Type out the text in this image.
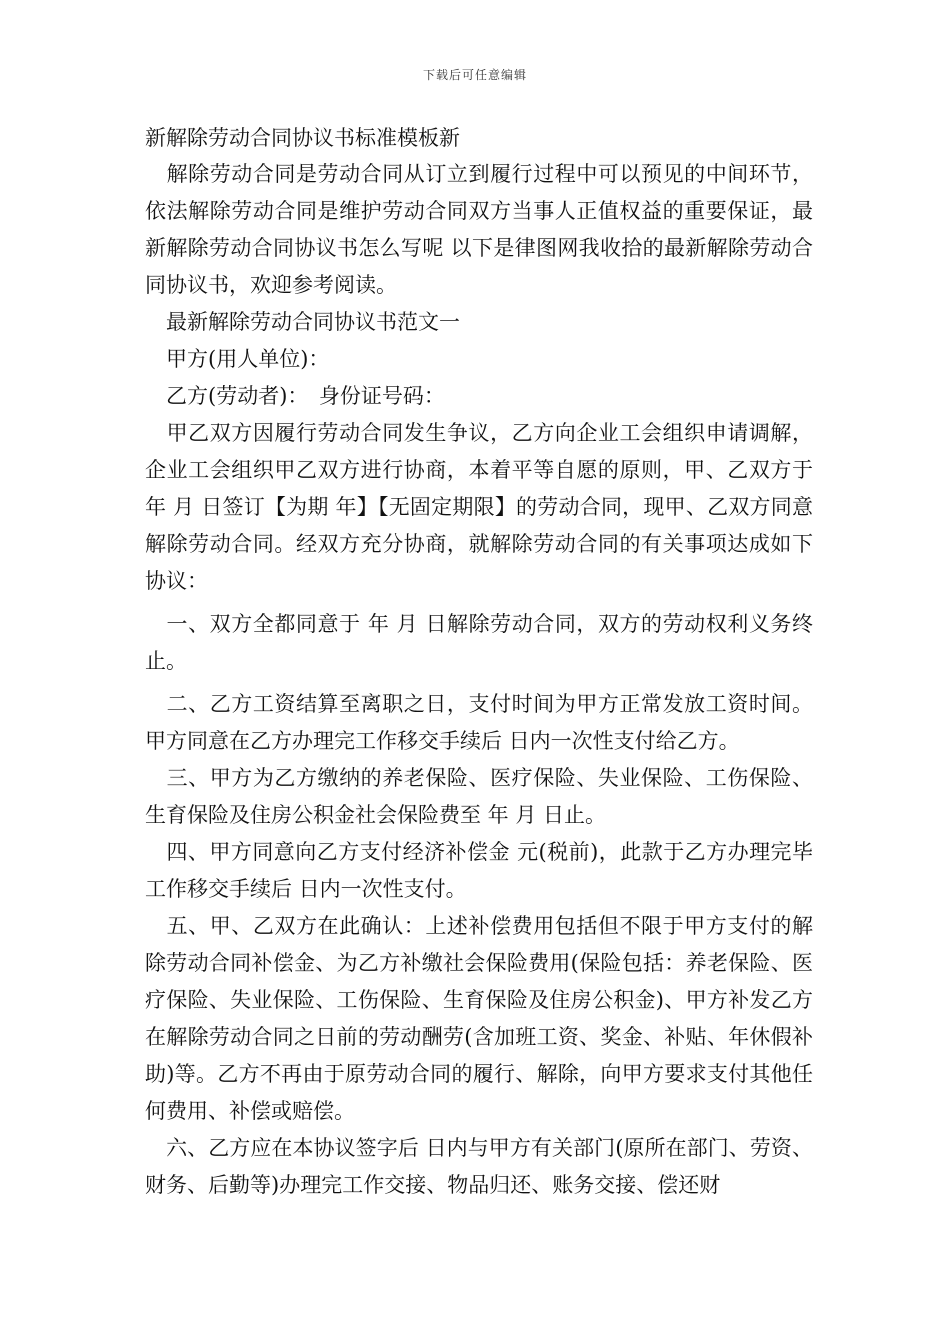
下载后可任意编辑

新解除劳动合同协议书标准模板新

　解除劳动合同是劳动合同从订立到履行过程中可以预见的中间环节，依法解除劳动合同是维护劳动合同双方当事人正值权益的重要保证，最新解除劳动合同协议书怎么写呢 以下是律图网我收拾的最新解除劳动合同协议书，欢迎参考阅读。

　最新解除劳动合同协议书范文一

　甲方(用人单位)：

　乙方(劳动者)：　身份证号码：

　甲乙双方因履行劳动合同发生争议，乙方向企业工会组织申请调解，企业工会组织甲乙双方进行协商，本着平等自愿的原则，甲、乙双方于 年 月 日签订【为期 年】【无固定期限】的劳动合同，现甲、乙双方同意解除劳动合同。经双方充分协商，就解除劳动合同的有关事项达成如下协议：

　一、双方全都同意于 年 月 日解除劳动合同，双方的劳动权利义务终止。

　二、乙方工资结算至离职之日，支付时间为甲方正常发放工资时间。甲方同意在乙方办理完工作移交手续后 日内一次性支付给乙方。

　三、甲方为乙方缴纳的养老保险、医疗保险、失业保险、工伤保险、生育保险及住房公积金社会保险费至 年 月 日止。

　四、甲方同意向乙方支付经济补偿金 元(税前)，此款于乙方办理完毕工作移交手续后 日内一次性支付。

　五、甲、乙双方在此确认：上述补偿费用包括但不限于甲方支付的解除劳动合同补偿金、为乙方补缴社会保险费用(保险包括：养老保险、医疗保险、失业保险、工伤保险、生育保险及住房公积金)、甲方补发乙方在解除劳动合同之日前的劳动酬劳(含加班工资、奖金、补贴、年休假补助)等。乙方不再由于原劳动合同的履行、解除，向甲方要求支付其他任何费用、补偿或赔偿。

　六、乙方应在本协议签字后 日内与甲方有关部门(原所在部门、劳资、财务、后勤等)办理完工作交接、物品归还、账务交接、偿还财
